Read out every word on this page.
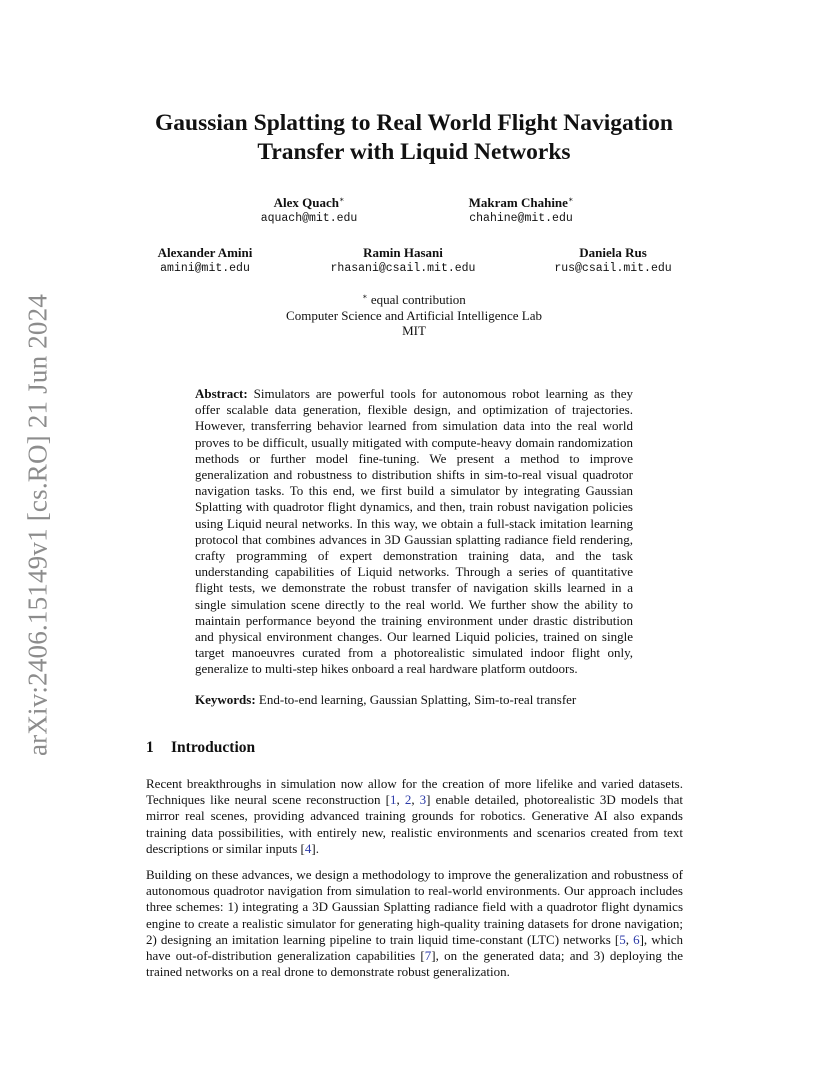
arXiv:2406.15149v1 [cs.RO] 21 Jun 2024
Gaussian Splatting to Real World Flight Navigation
Transfer with Liquid Networks
Alex Quach∗
aquach@mit.edu
Makram Chahine∗
chahine@mit.edu
Alexander Amini
amini@mit.edu
Ramin Hasani
rhasani@csail.mit.edu
Daniela Rus
rus@csail.mit.edu
∗ equal contribution
Computer Science and Artificial Intelligence Lab
MIT

Abstract: Simulators are powerful tools for autonomous robot learning as they offer scalable data generation, flexible design, and optimization of trajectories. However, transferring behavior learned from simulation data into the real world proves to be difficult, usually mitigated with compute-heavy domain randomization methods or further model fine-tuning. We present a method to improve generalization and robustness to distribution shifts in sim-to-real visual quadrotor navigation tasks. To this end, we first build a simulator by integrating Gaussian Splatting with quadrotor flight dynamics, and then, train robust navigation policies using Liquid neural networks. In this way, we obtain a full-stack imitation learning protocol that combines advances in 3D Gaussian splatting radiance field rendering, crafty programming of expert demonstration training data, and the task understanding capabilities of Liquid networks. Through a series of quantitative flight tests, we demonstrate the robust transfer of navigation skills learned in a single simulation scene directly to the real world. We further show the ability to maintain performance beyond the training environment under drastic distribution and physical environment changes. Our learned Liquid policies, trained on single target manoeuvres curated from a photorealistic simulated indoor flight only, generalize to multi-step hikes onboard a real hardware platform outdoors.

Keywords: End-to-end learning, Gaussian Splatting, Sim-to-real transfer

1 Introduction

Recent breakthroughs in simulation now allow for the creation of more lifelike and varied datasets. Techniques like neural scene reconstruction [1, 2, 3] enable detailed, photorealistic 3D models that mirror real scenes, providing advanced training grounds for robotics. Generative AI also expands training data possibilities, with entirely new, realistic environments and scenarios created from text descriptions or similar inputs [4].

Building on these advances, we design a methodology to improve the generalization and robustness of autonomous quadrotor navigation from simulation to real-world environments. Our approach includes three schemes: 1) integrating a 3D Gaussian Splatting radiance field with a quadrotor flight dynamics engine to create a realistic simulator for generating high-quality training datasets for drone navigation; 2) designing an imitation learning pipeline to train liquid time-constant (LTC) networks [5, 6], which have out-of-distribution generalization capabilities [7], on the generated data; and 3) deploying the trained networks on a real drone to demonstrate robust generalization.
